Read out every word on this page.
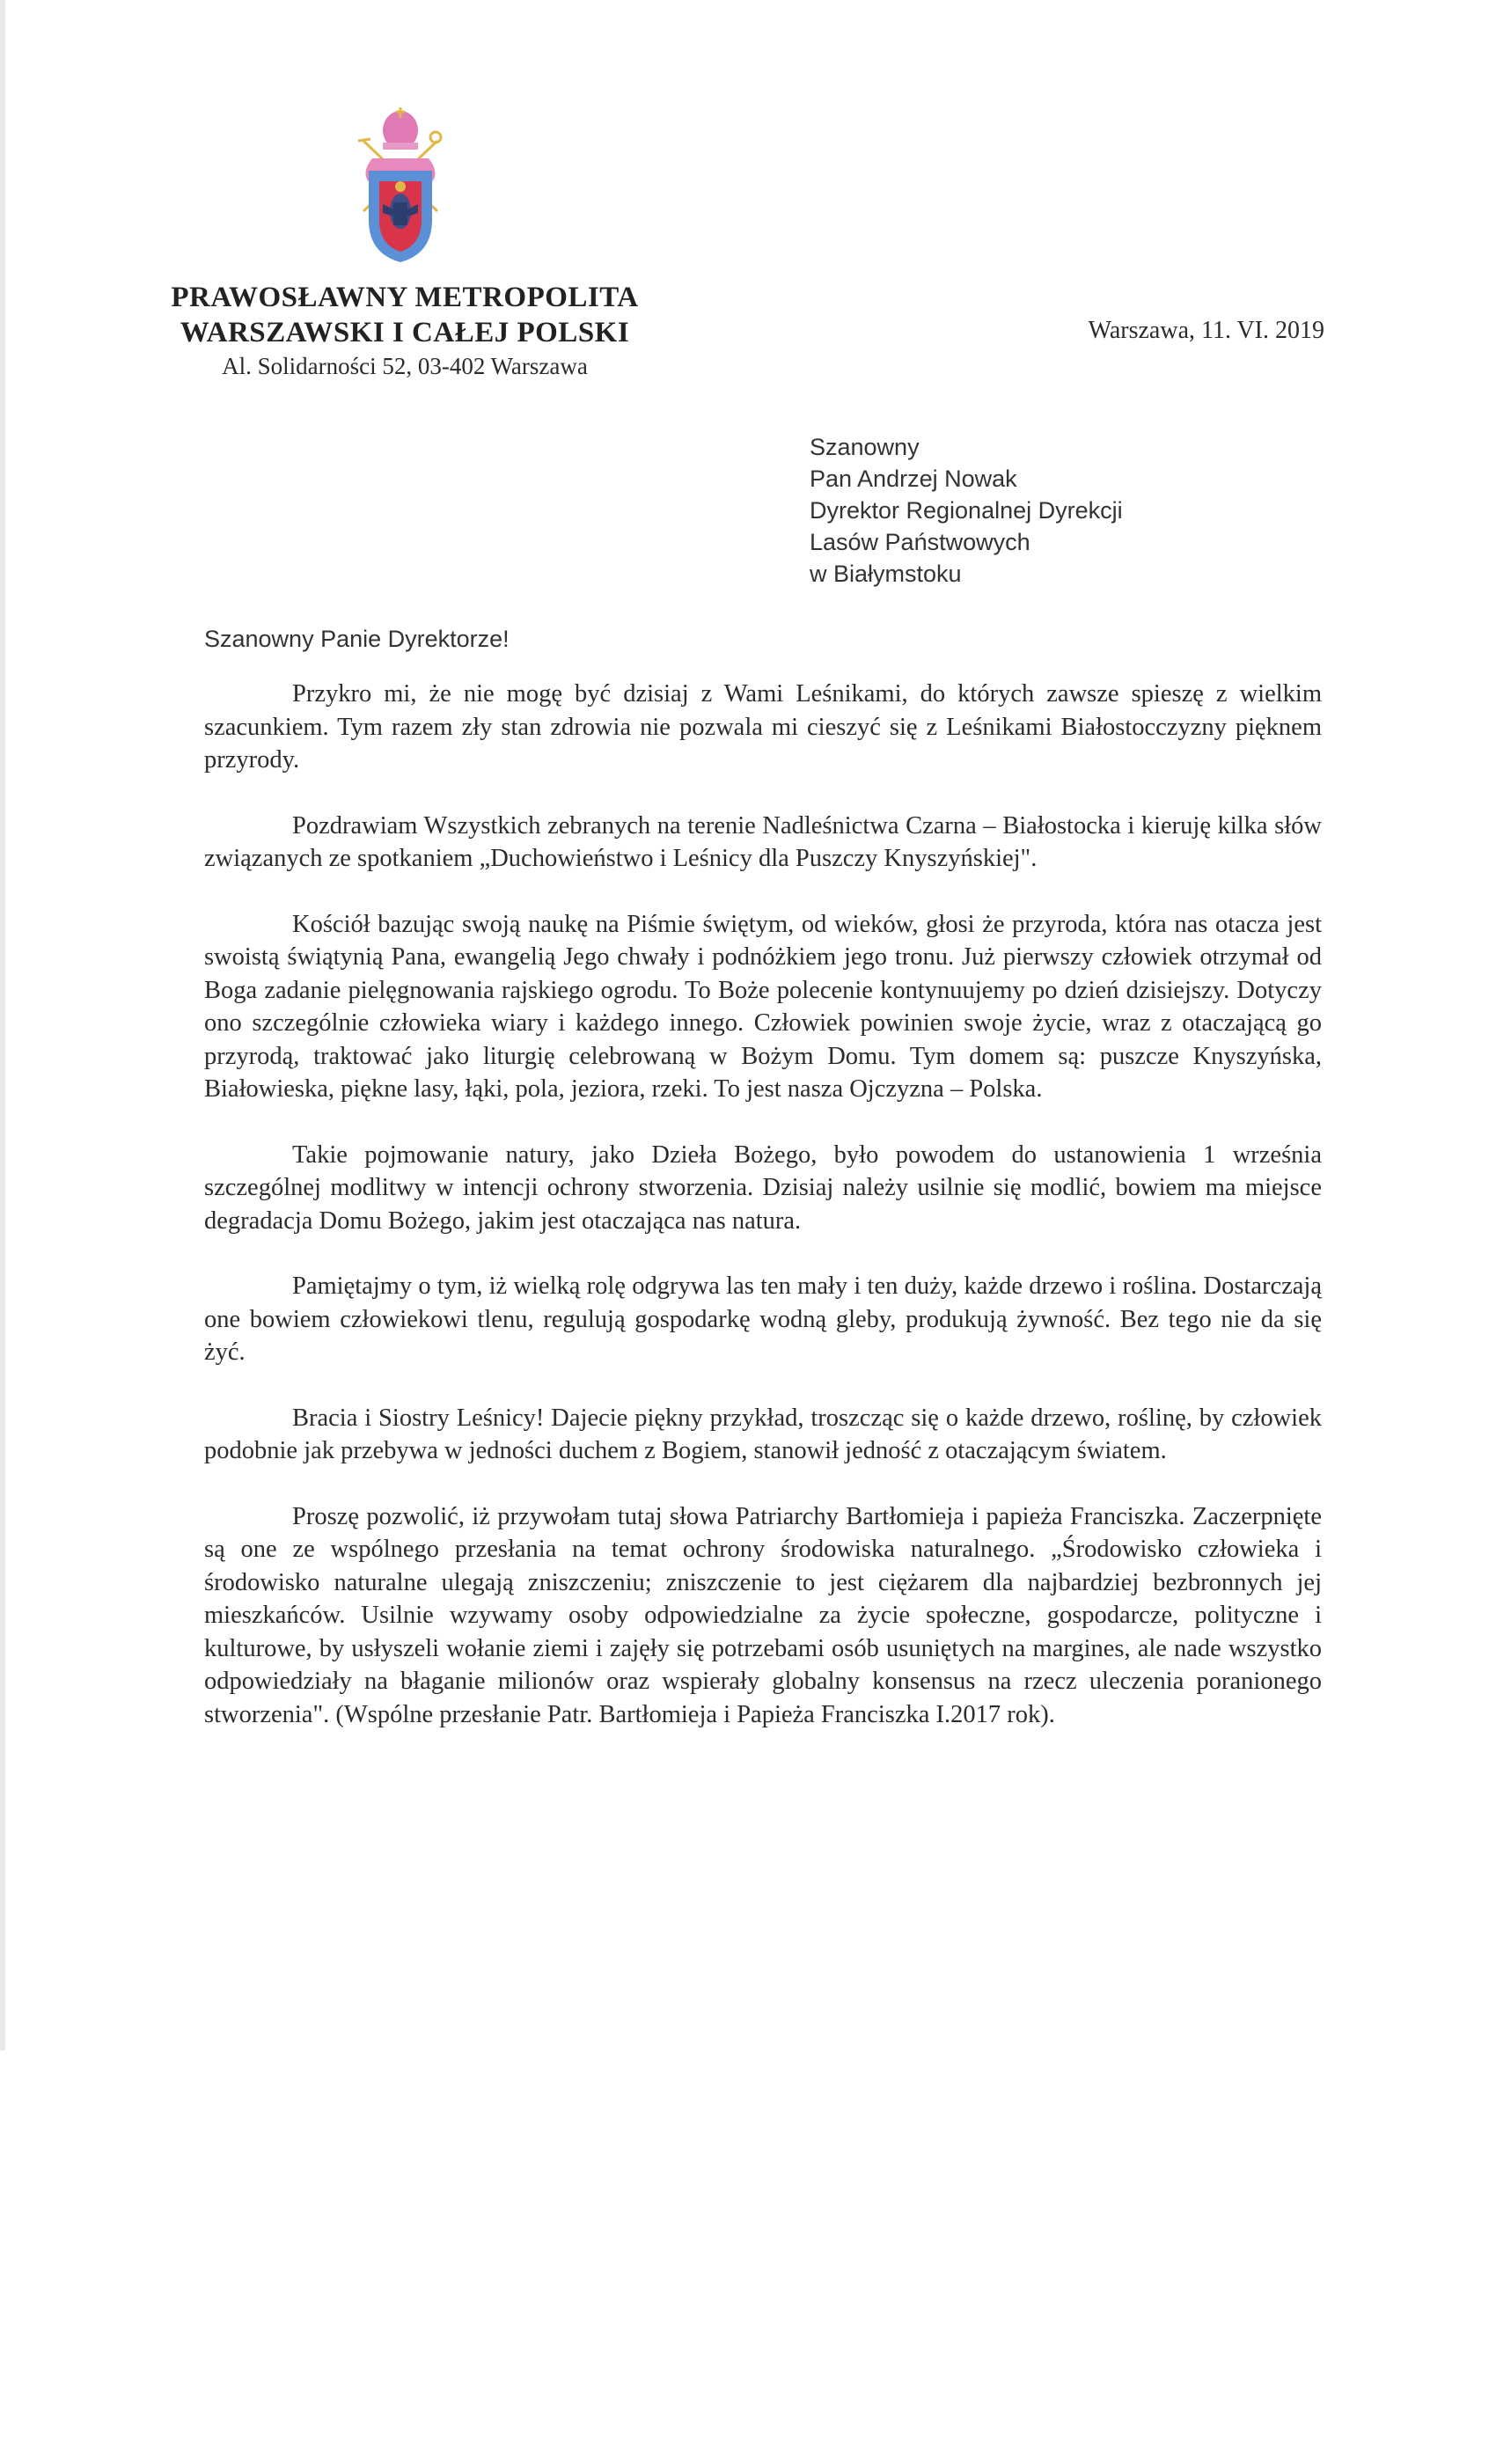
PRAWOSŁAWNY METROPOLITA
WARSZAWSKI I CAŁEJ POLSKI
Al. Solidarności 52, 03-402 Warszawa
Warszawa, 11. VI. 2019
Szanowny
Pan Andrzej Nowak
Dyrektor Regionalnej Dyrekcji
Lasów Państwowych
w Białymstoku
Szanowny Panie Dyrektorze!

Przykro mi, że nie mogę być dzisiaj z Wami Leśnikami, do których zawsze spieszę z wielkim szacunkiem. Tym razem zły stan zdrowia nie pozwala mi cieszyć się z Leśnikami Białostocczyzny pięknem przyrody.

Pozdrawiam Wszystkich zebranych na terenie Nadleśnictwa Czarna – Białostocka i kieruję kilka słów związanych ze spotkaniem „Duchowieństwo i Leśnicy dla Puszczy Knyszyńskiej".

Kościół bazując swoją naukę na Piśmie świętym, od wieków, głosi że przyroda, która nas otacza jest swoistą świątynią Pana, ewangelią Jego chwały i podnóżkiem jego tronu. Już pierwszy człowiek otrzymał od Boga zadanie pielęgnowania rajskiego ogrodu. To Boże polecenie kontynuujemy po dzień dzisiejszy. Dotyczy ono szczególnie człowieka wiary i każdego innego. Człowiek powinien swoje życie, wraz z otaczającą go przyrodą, traktować jako liturgię celebrowaną w Bożym Domu. Tym domem są: puszcze Knyszyńska, Białowieska, piękne lasy, łąki, pola, jeziora, rzeki. To jest nasza Ojczyzna – Polska.

Takie pojmowanie natury, jako Dzieła Bożego, było powodem do ustanowienia 1 września szczególnej modlitwy w intencji ochrony stworzenia. Dzisiaj należy usilnie się modlić, bowiem ma miejsce degradacja Domu Bożego, jakim jest otaczająca nas natura.

Pamiętajmy o tym, iż wielką rolę odgrywa las ten mały i ten duży, każde drzewo i roślina. Dostarczają one bowiem człowiekowi tlenu, regulują gospodarkę wodną gleby, produkują żywność. Bez tego nie da się żyć.

Bracia i Siostry Leśnicy! Dajecie piękny przykład, troszcząc się o każde drzewo, roślinę, by człowiek podobnie jak przebywa w jedności duchem z Bogiem, stanowił jedność z otaczającym światem.

Proszę pozwolić, iż przywołam tutaj słowa Patriarchy Bartłomieja i papieża Franciszka. Zaczerpnięte są one ze wspólnego przesłania na temat ochrony środowiska naturalnego. „Środowisko człowieka i środowisko naturalne ulegają zniszczeniu; zniszczenie to jest ciężarem dla najbardziej bezbronnych jej mieszkańców. Usilnie wzywamy osoby odpowiedzialne za życie społeczne, gospodarcze, polityczne i kulturowe, by usłyszeli wołanie ziemi i zajęły się potrzebami osób usuniętych na margines, ale nade wszystko odpowiedziały na błaganie milionów oraz wspierały globalny konsensus na rzecz uleczenia poranionego stworzenia". (Wspólne przesłanie Patr. Bartłomieja i Papieża Franciszka I.2017 rok).
